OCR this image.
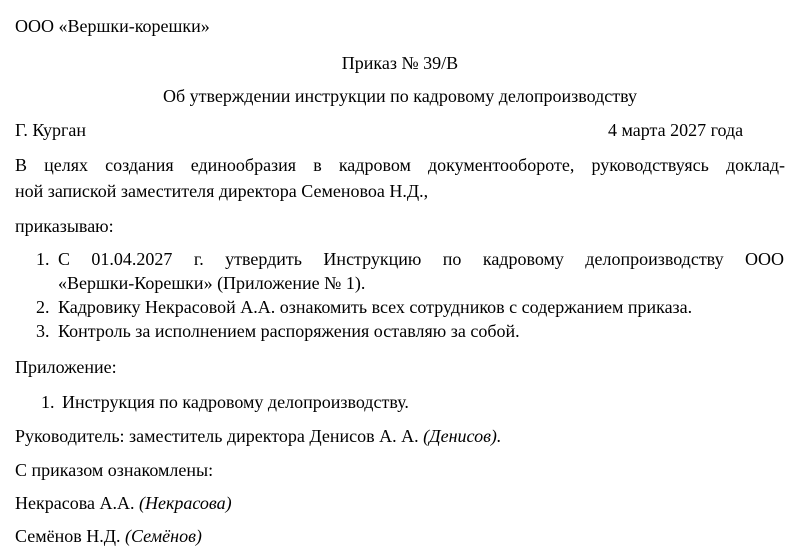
ООО «Вершки-корешки»
Приказ № 39/В
Об утверждении инструкции по кадровому делопроизводству
Г. Курган	4 марта 2027 года
В целях создания единообразия в кадровом документообороте, руководствуясь доклад-
ной запиской заместителя директора Семеновоа Н.Д.,
приказываю:
1. С 01.04.2027 г. утвердить Инструкцию по кадровому делопроизводству ООО
«Вершки-Корешки» (Приложение № 1).
2. Кадровику Некрасовой А.А. ознакомить всех сотрудников с содержанием приказа.
3. Контроль за исполнением распоряжения оставляю за собой.
Приложение:
1. Инструкция по кадровому делопроизводству.
Руководитель: заместитель директора Денисов А. А. (Денисов).
С приказом ознакомлены:
Некрасова А.А. (Некрасова)
Семёнов Н.Д. (Семёнов)
